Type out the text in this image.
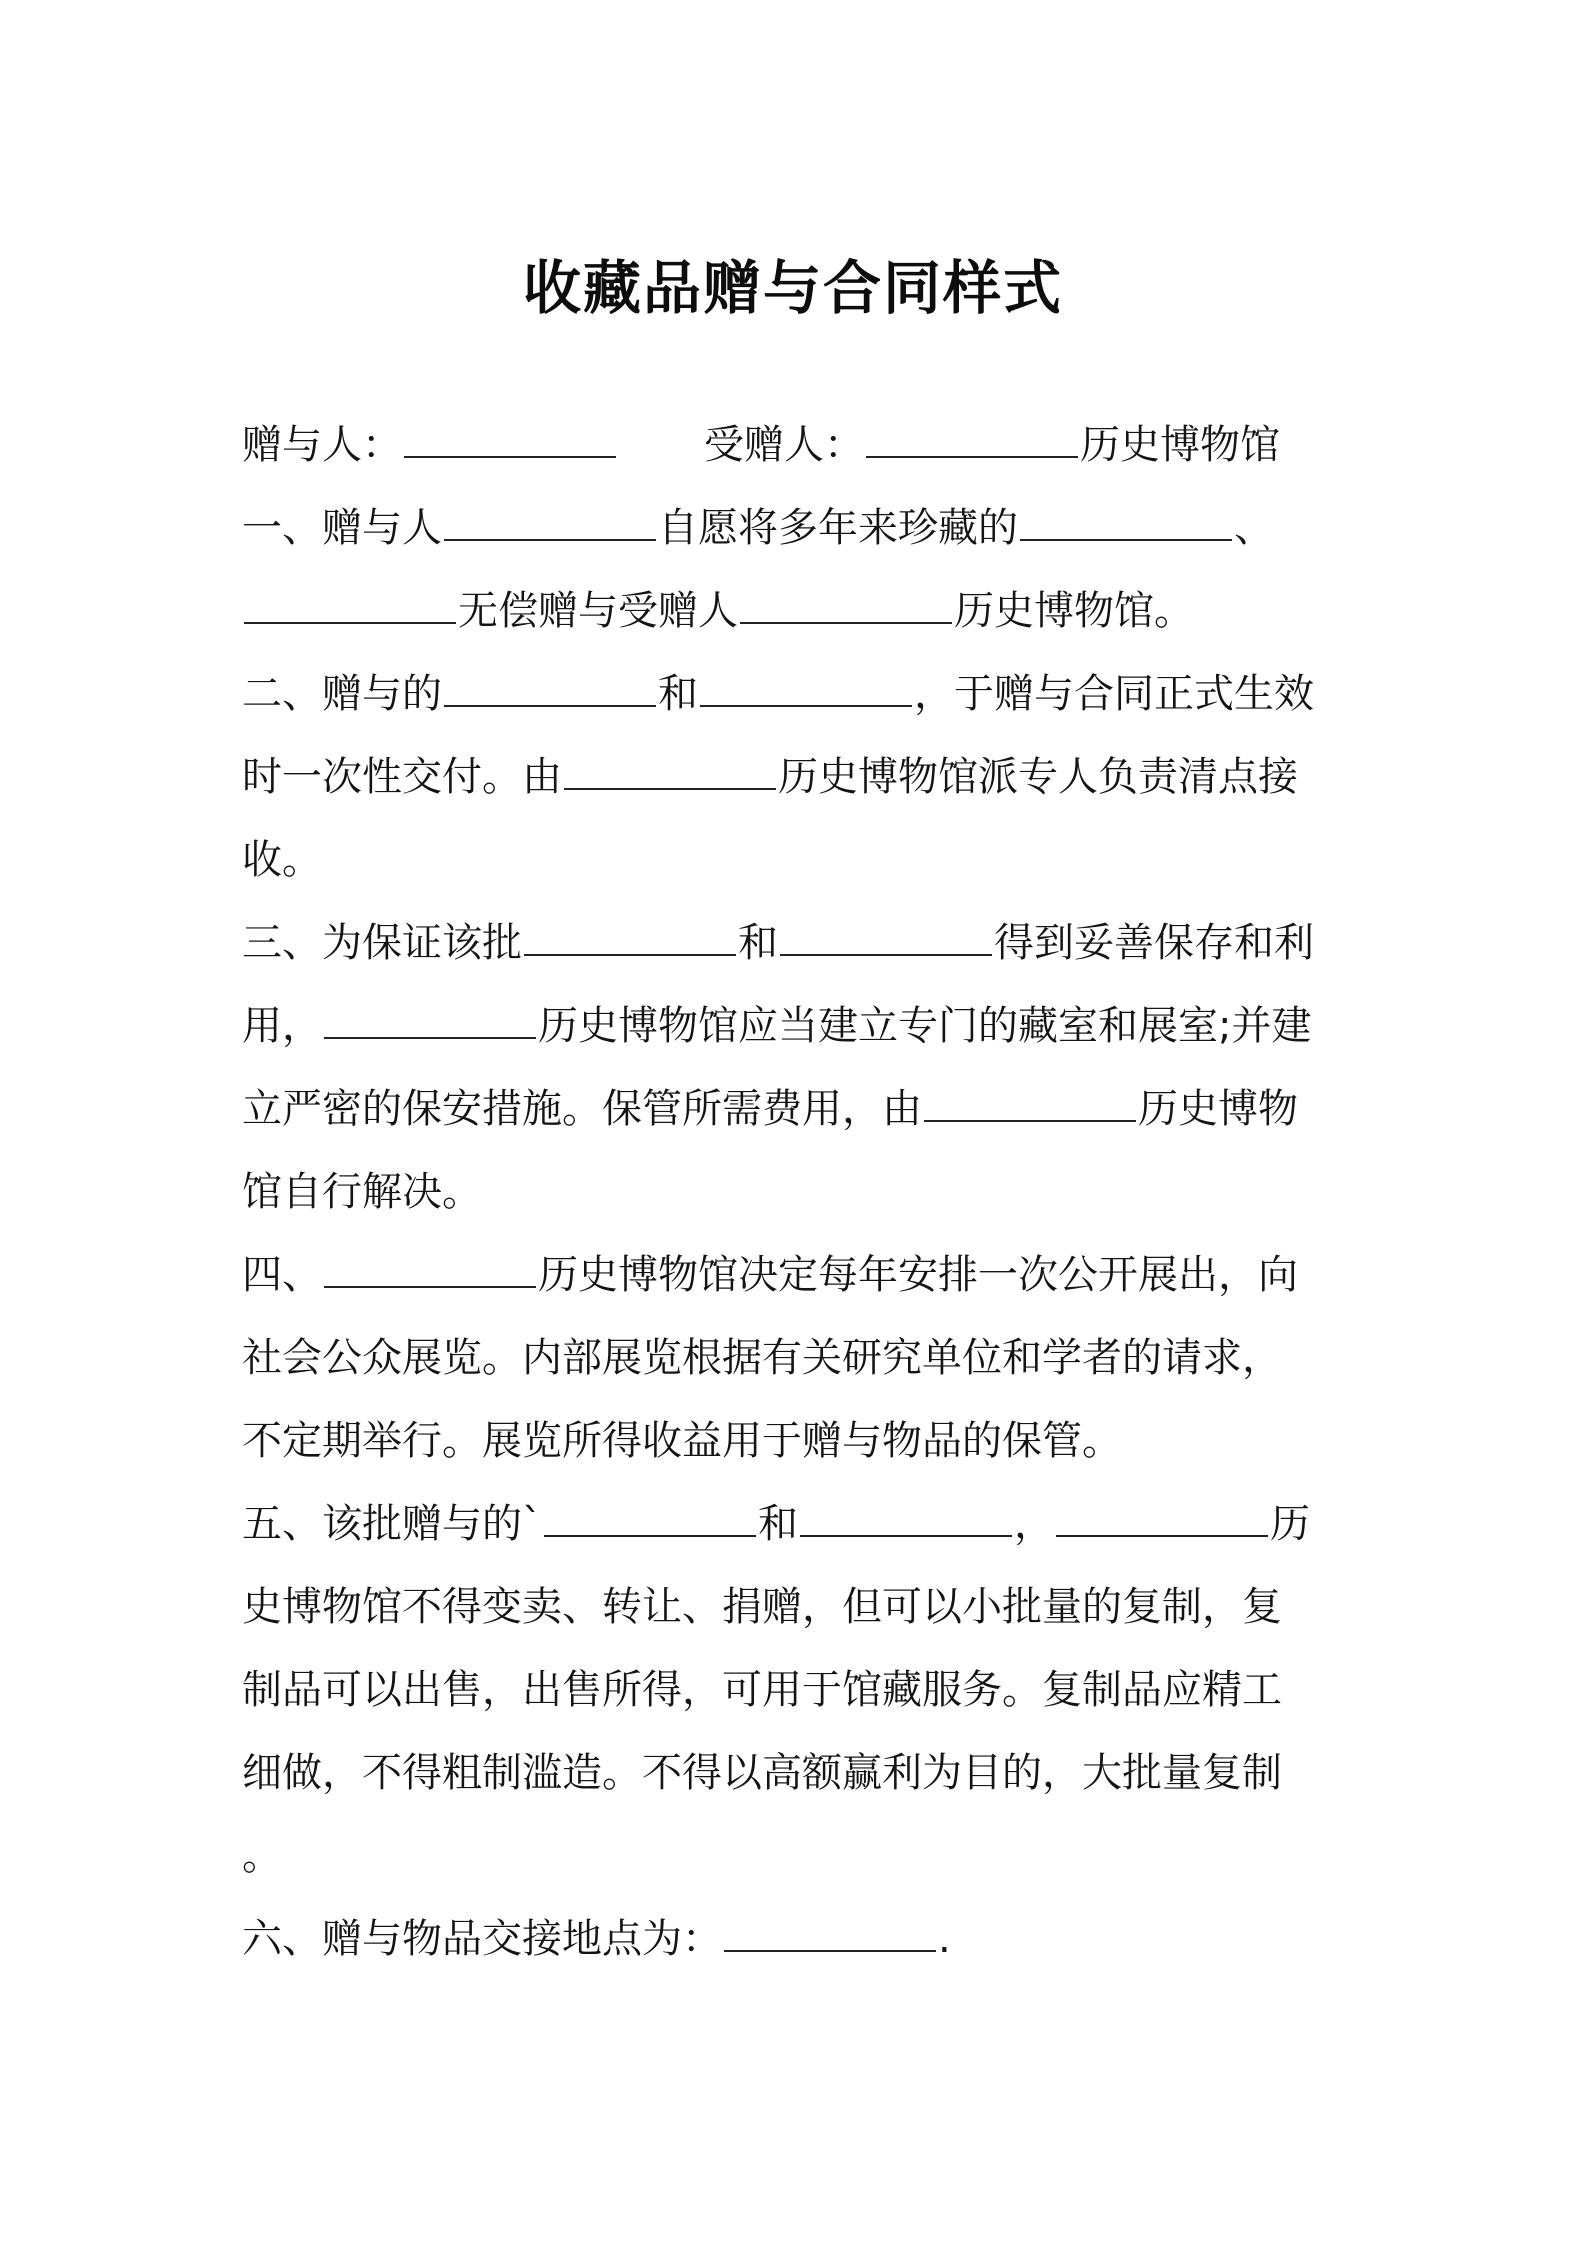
收藏品赠与合同样式
赠与人：	受赠人：	历史博物馆
一、赠与人	自愿将多年来珍藏的	、
无偿赠与受赠人	历史博物馆。
二、赠与的	和	，于赠与合同正式生效
时一次性交付。由	历史博物馆派专人负责清点接
收。
三、为保证该批	和	得到妥善保存和利
用，	历史博物馆应当建立专门的藏室和展室;并建
立严密的保安措施。保管所需费用，由	历史博物
馆自行解决。
四、	历史博物馆决定每年安排一次公开展出，向
社会公众展览。内部展览根据有关研究单位和学者的请求，
不定期举行。展览所得收益用于赠与物品的保管。
五、该批赠与的`	和	，	历
史博物馆不得变卖、转让、捐赠，但可以小批量的复制，复
制品可以出售，出售所得，可用于馆藏服务。复制品应精工
细做，不得粗制滥造。不得以高额赢利为目的，大批量复制
。
六、赠与物品交接地点为：	.
